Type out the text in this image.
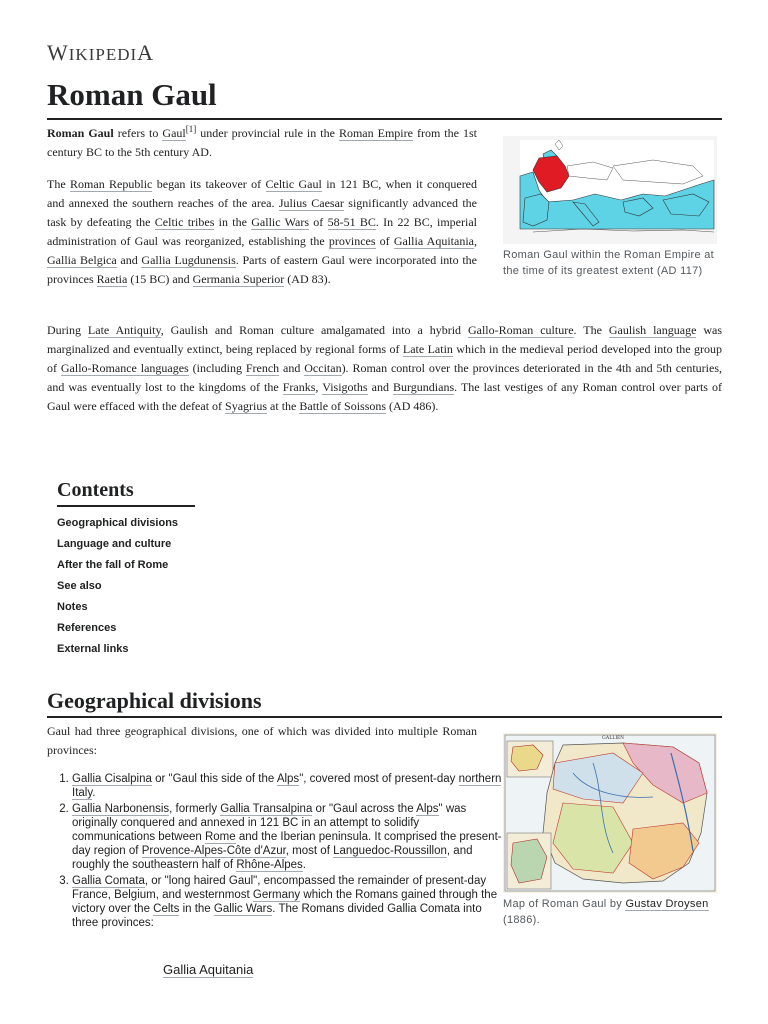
WIKIPEDIA
Roman Gaul

Roman Gaul refers to Gaul[1] under provincial rule in the Roman Empire from the 1st century BC to the 5th century AD.

The Roman Republic began its takeover of Celtic Gaul in 121 BC, when it conquered and annexed the southern reaches of the area. Julius Caesar significantly advanced the task by defeating the Celtic tribes in the Gallic Wars of 58-51 BC. In 22 BC, imperial administration of Gaul was reorganized, establishing the provinces of Gallia Aquitania, Gallia Belgica and Gallia Lugdunensis. Parts of eastern Gaul were incorporated into the provinces Raetia (15 BC) and Germania Superior (AD 83).

Roman Gaul within the Roman Empire at the time of its greatest extent (AD 117)

During Late Antiquity, Gaulish and Roman culture amalgamated into a hybrid Gallo-Roman culture. The Gaulish language was marginalized and eventually extinct, being replaced by regional forms of Late Latin which in the medieval period developed into the group of Gallo-Romance languages (including French and Occitan). Roman control over the provinces deteriorated in the 4th and 5th centuries, and was eventually lost to the kingdoms of the Franks, Visigoths and Burgundians. The last vestiges of any Roman control over parts of Gaul were effaced with the defeat of Syagrius at the Battle of Soissons (AD 486).

Contents
Geographical divisions
Language and culture
After the fall of Rome
See also
Notes
References
External links
Geographical divisions

Gaul had three geographical divisions, one of which was divided into multiple Roman provinces:

GALLIEN
Map of Roman Gaul by Gustav Droysen (1886).
1. Gallia Cisalpina or "Gaul this side of the Alps", covered most of present-day northern Italy.
2. Gallia Narbonensis, formerly Gallia Transalpina or "Gaul across the Alps" was originally conquered and annexed in 121 BC in an attempt to solidify communications between Rome and the Iberian peninsula. It comprised the present-day region of Provence-Alpes-Côte d'Azur, most of Languedoc-Roussillon, and roughly the southeastern half of Rhône-Alpes.
3. Gallia Comata, or "long haired Gaul", encompassed the remainder of present-day France, Belgium, and westernmost Germany which the Romans gained through the victory over the Celts in the Gallic Wars. The Romans divided Gallia Comata into three provinces:
Gallia Aquitania
